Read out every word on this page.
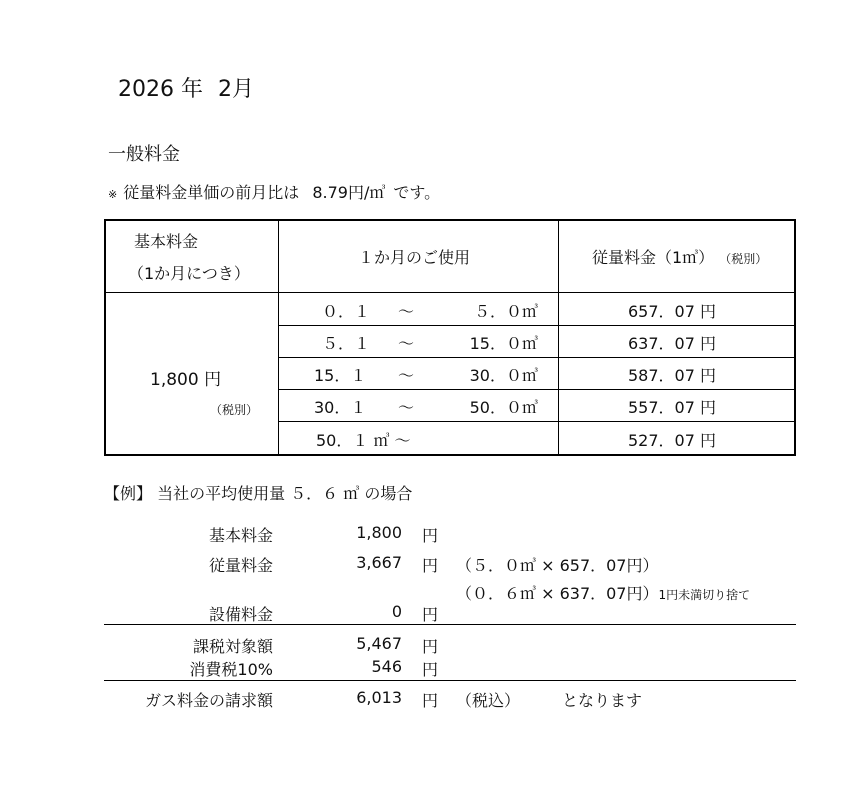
2026 年 2月
一般料金
※ 従量料金単価の前月比は 8.79円/㎥ です。
基本料金
（1か月につき）
１か月のご使用	従量料金（1㎥） （税別）
1,800 円
（税別）
０．１ ～	５．０㎥	657．07 円
５．１ ～	15．０㎥	637．07 円
15．１ ～	30．０㎥	587．07 円
30．１ ～	50．０㎥	557．07 円
50．１ ㎥ ～	527．07 円
【例】 当社の平均使用量 ５．６ ㎥ の場合
基本料金	1,800 円
従量料金	3,667 円 （５．０㎥ × 657．07円）
（０．６㎥ × 637．07円）1円未満切り捨て
設備料金	0 円
課税対象額	5,467 円
消費税10%	546 円
ガス料金の請求額	6,013 円 （税込）	となります
